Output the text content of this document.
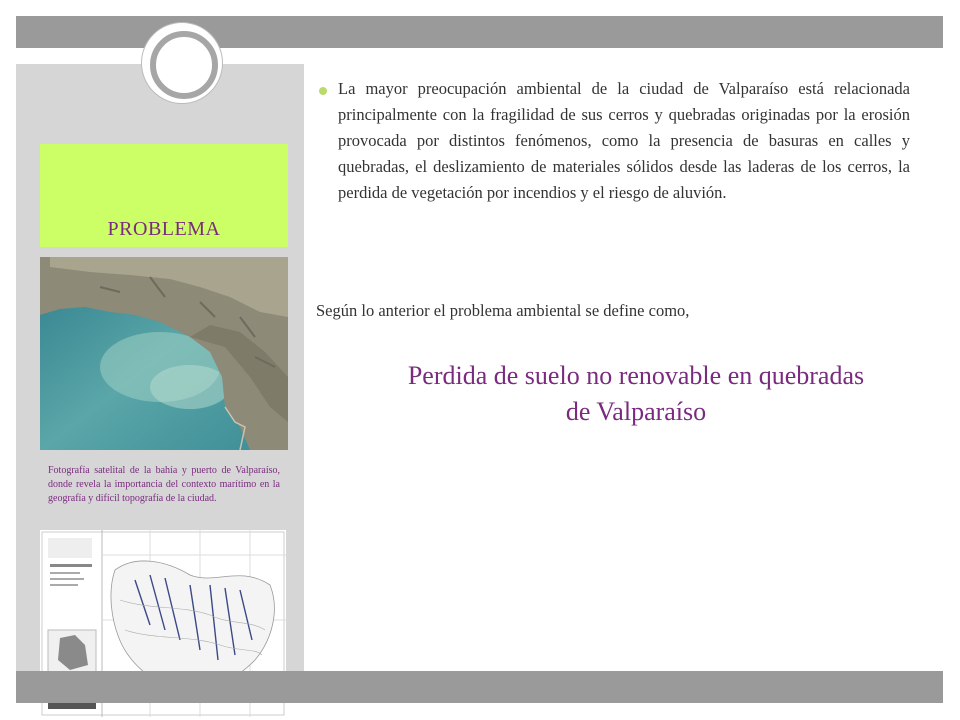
PROBLEMA
Fotografía satelital de la bahía y puerto de Valparaíso, donde revela la importancia del contexto marítimo en la geografía y difícil topografía de la ciudad.
La mayor preocupación ambiental de la ciudad de Valparaíso está relacionada principalmente con la fragilidad de sus cerros y quebradas originadas por la erosión provocada por distintos fenómenos, como la presencia de basuras en calles y quebradas, el deslizamiento de materiales sólidos desde las laderas de los cerros, la perdida de vegetación por incendios y el riesgo de aluvión.
Según lo anterior el problema ambiental se define como,
Perdida de suelo no renovable en quebradas de Valparaíso
